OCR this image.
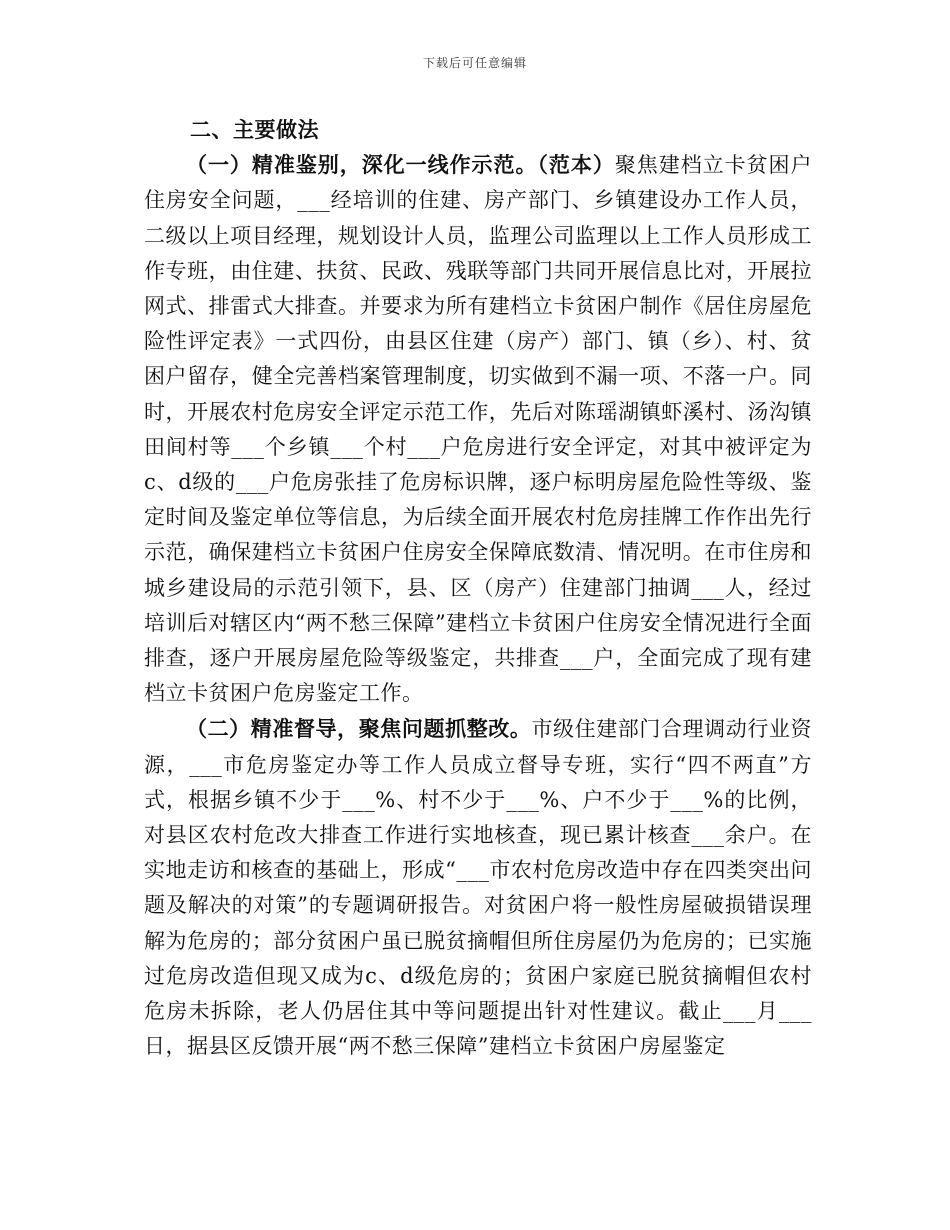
下载后可任意编辑

二、主要做法

（一）精准鉴别，深化一线作示范。（范本）聚焦建档立卡贫困户住房安全问题，___经培训的住建、房产部门、乡镇建设办工作人员，二级以上项目经理，规划设计人员，监理公司监理以上工作人员形成工作专班，由住建、扶贫、民政、残联等部门共同开展信息比对，开展拉网式、排雷式大排查。并要求为所有建档立卡贫困户制作《居住房屋危险性评定表》一式四份，由县区住建（房产）部门、镇（乡）、村、贫困户留存，健全完善档案管理制度，切实做到不漏一项、不落一户。同时，开展农村危房安全评定示范工作，先后对陈瑶湖镇虾溪村、汤沟镇田间村等___个乡镇___个村___户危房进行安全评定，对其中被评定为c、d级的___户危房张挂了危房标识牌，逐户标明房屋危险性等级、鉴定时间及鉴定单位等信息，为后续全面开展农村危房挂牌工作作出先行示范，确保建档立卡贫困户住房安全保障底数清、情况明。在市住房和城乡建设局的示范引领下，县、区（房产）住建部门抽调___人，经过培训后对辖区内“两不愁三保障”建档立卡贫困户住房安全情况进行全面排查，逐户开展房屋危险等级鉴定，共排查___户，全面完成了现有建档立卡贫困户危房鉴定工作。

（二）精准督导，聚焦问题抓整改。市级住建部门合理调动行业资源，___市危房鉴定办等工作人员成立督导专班，实行“四不两直”方式，根据乡镇不少于___%、村不少于___%、户不少于___%的比例，对县区农村危改大排查工作进行实地核查，现已累计核查___余户。在实地走访和核查的基础上，形成“___市农村危房改造中存在四类突出问题及解决的对策”的专题调研报告。对贫困户将一般性房屋破损错误理解为危房的；部分贫困户虽已脱贫摘帽但所住房屋仍为危房的；已实施过危房改造但现又成为c、d级危房的；贫困户家庭已脱贫摘帽但农村危房未拆除，老人仍居住其中等问题提出针对性建议。截止___月___日，据县区反馈开展“两不愁三保障”建档立卡贫困户房屋鉴定
